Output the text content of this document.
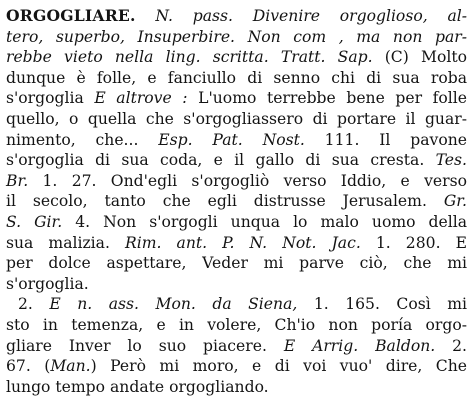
ORGOGLIARE. N. pass. Divenire orgoglioso, al-
tero, superbo, Insuperbire. Non com , ma non par-
rebbe vieto nella ling. scritta. Tratt. Sap. (C) Molto
dunque è folle, e fanciullo di senno chi di sua roba
s'orgoglia E altrove : L'uomo terrebbe bene per folle
quello, o quella che s'orgogliassero di portare il guar-
nimento, che... Esp. Pat. Nost. 111. Il pavone
s'orgoglia di sua coda, e il gallo di sua cresta. Tes.
Br. 1. 27. Ond'egli s'orgogliò verso Iddio, e verso
il secolo, tanto che egli distrusse Jerusalem. Gr.
S. Gir. 4. Non s'orgogli unqua lo malo uomo della
sua malizia. Rim. ant. P. N. Not. Jac. 1. 280. E
per dolce aspettare, Veder mi parve ciò, che mi
s'orgoglia.
2. E n. ass. Mon. da Siena, 1. 165. Così mi
sto in temenza, e in volere, Ch'io non poría orgo-
gliare Inver lo suo piacere. E Arrig. Baldon. 2.
67. (Man.) Però mi moro, e di voi vuo' dire, Che
lungo tempo andate orgogliando.
